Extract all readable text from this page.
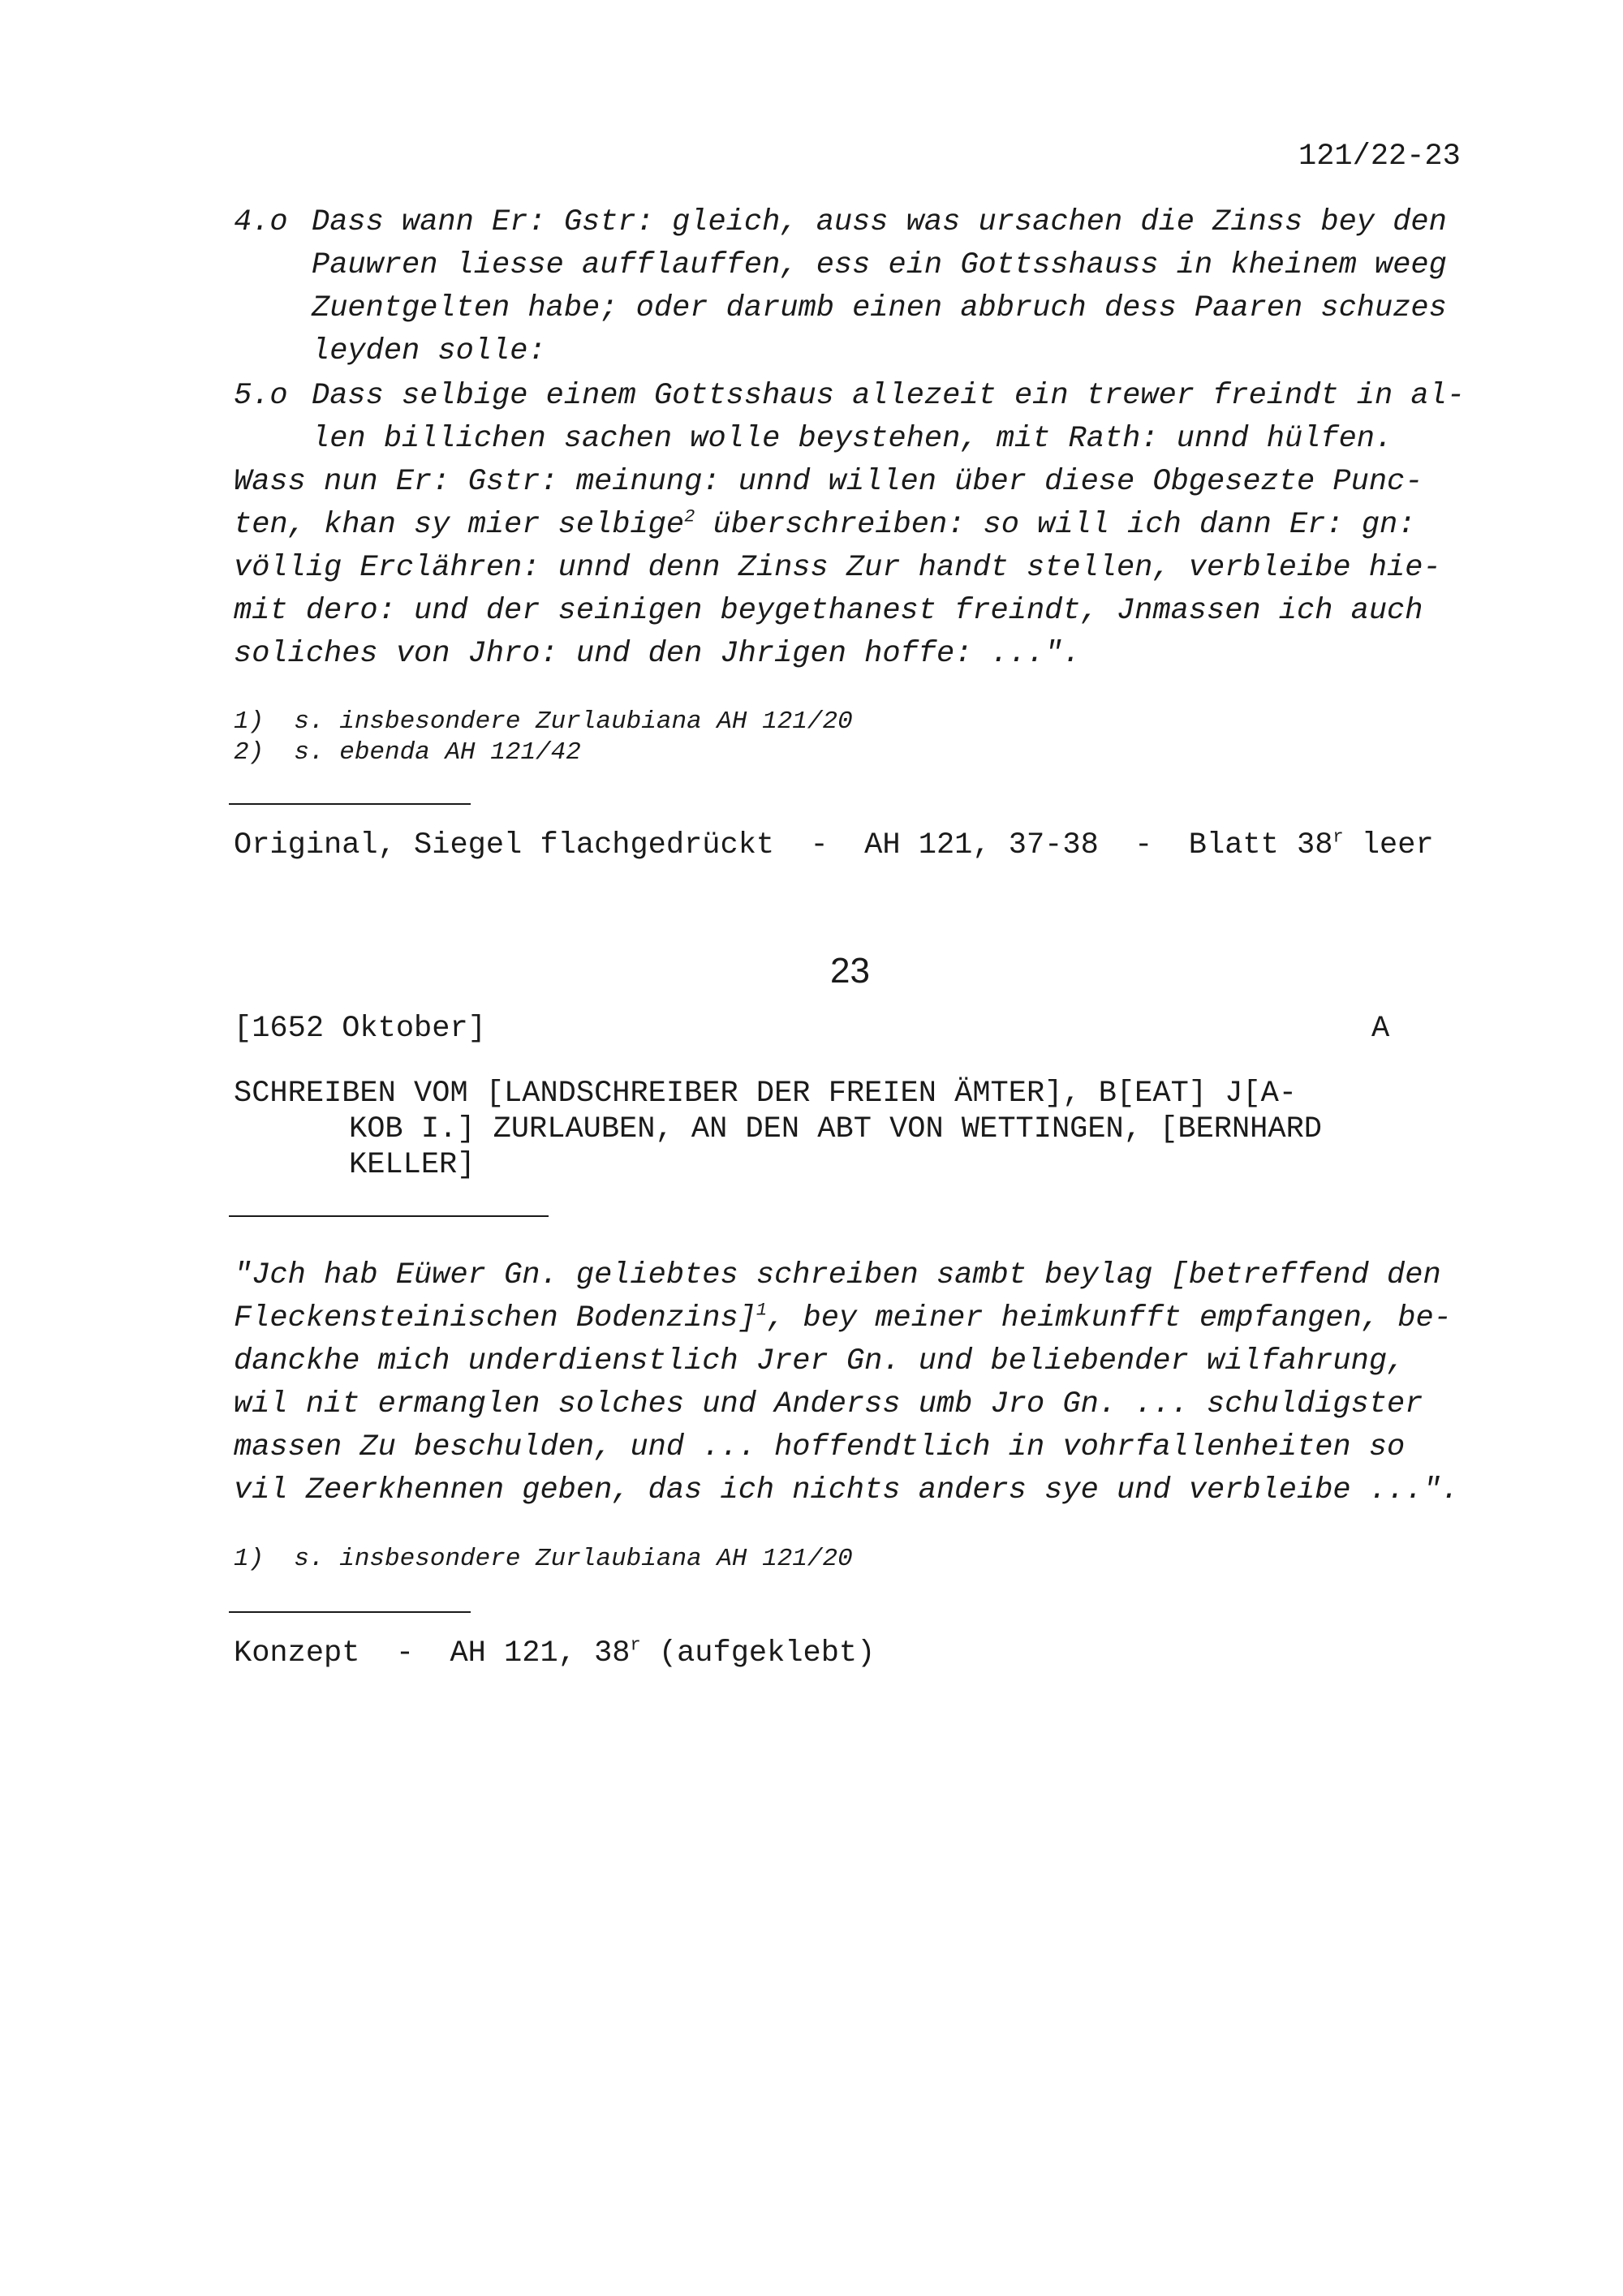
121/22-23
4.o Dass wann Er: Gstr: gleich, auss was ursachen die Zinss bey den
Pauwren liesse aufflauffen, ess ein Gottsshauss in kheinem weeg
Zuentgelten habe; oder darumb einen abbruch dess Paaren schuzes
leyden solle:
5.o Dass selbige einem Gottsshaus allezeit ein trewer freindt in al-
len billichen sachen wolle beystehen, mit Rath: unnd hülfen.
Wass nun Er: Gstr: meinung: unnd willen über diese Obgesezte Punc-
ten, khan sy mier selbige$^2$ überschreiben: so will ich dann Er: gn:
völlig Erclähren: unnd denn Zinss Zur handt stellen, verbleibe hie-
mit dero: und der seinigen beygethanest freindt, Jnmassen ich auch
soliches von Jhro: und den Jhrigen hoffe: ...".
1)  s. insbesondere Zurlaubiana AH 121/20
2)  s. ebenda AH 121/42
Original, Siegel flachgedrückt  -  AH 121, 37-38  -  Blatt 38$^r$ leer
23
[1652 Oktober]	A
SCHREIBEN VOM [LANDSCHREIBER DER FREIEN ÄMTER], B[EAT] J[A-
KOB I.] ZURLAUBEN, AN DEN ABT VON WETTINGEN, [BERNHARD
KELLER]
"Jch hab Eüwer Gn. geliebtes schreiben sambt beylag [betreffend den
Fleckensteinischen Bodenzins]$^1$, bey meiner heimkunfft empfangen, be-
danckhe mich underdienstlich Jrer Gn. und beliebender wilfahrung,
wil nit ermanglen solches und Anderss umb Jro Gn. ... schuldigster
massen Zu beschulden, und ... hoffendtlich in vohrfallenheiten so
vil Zeerkhennen geben, das ich nichts anders sye und verbleibe ...".
1)  s. insbesondere Zurlaubiana AH 121/20
Konzept  -  AH 121, 38$^r$ (aufgeklebt)
